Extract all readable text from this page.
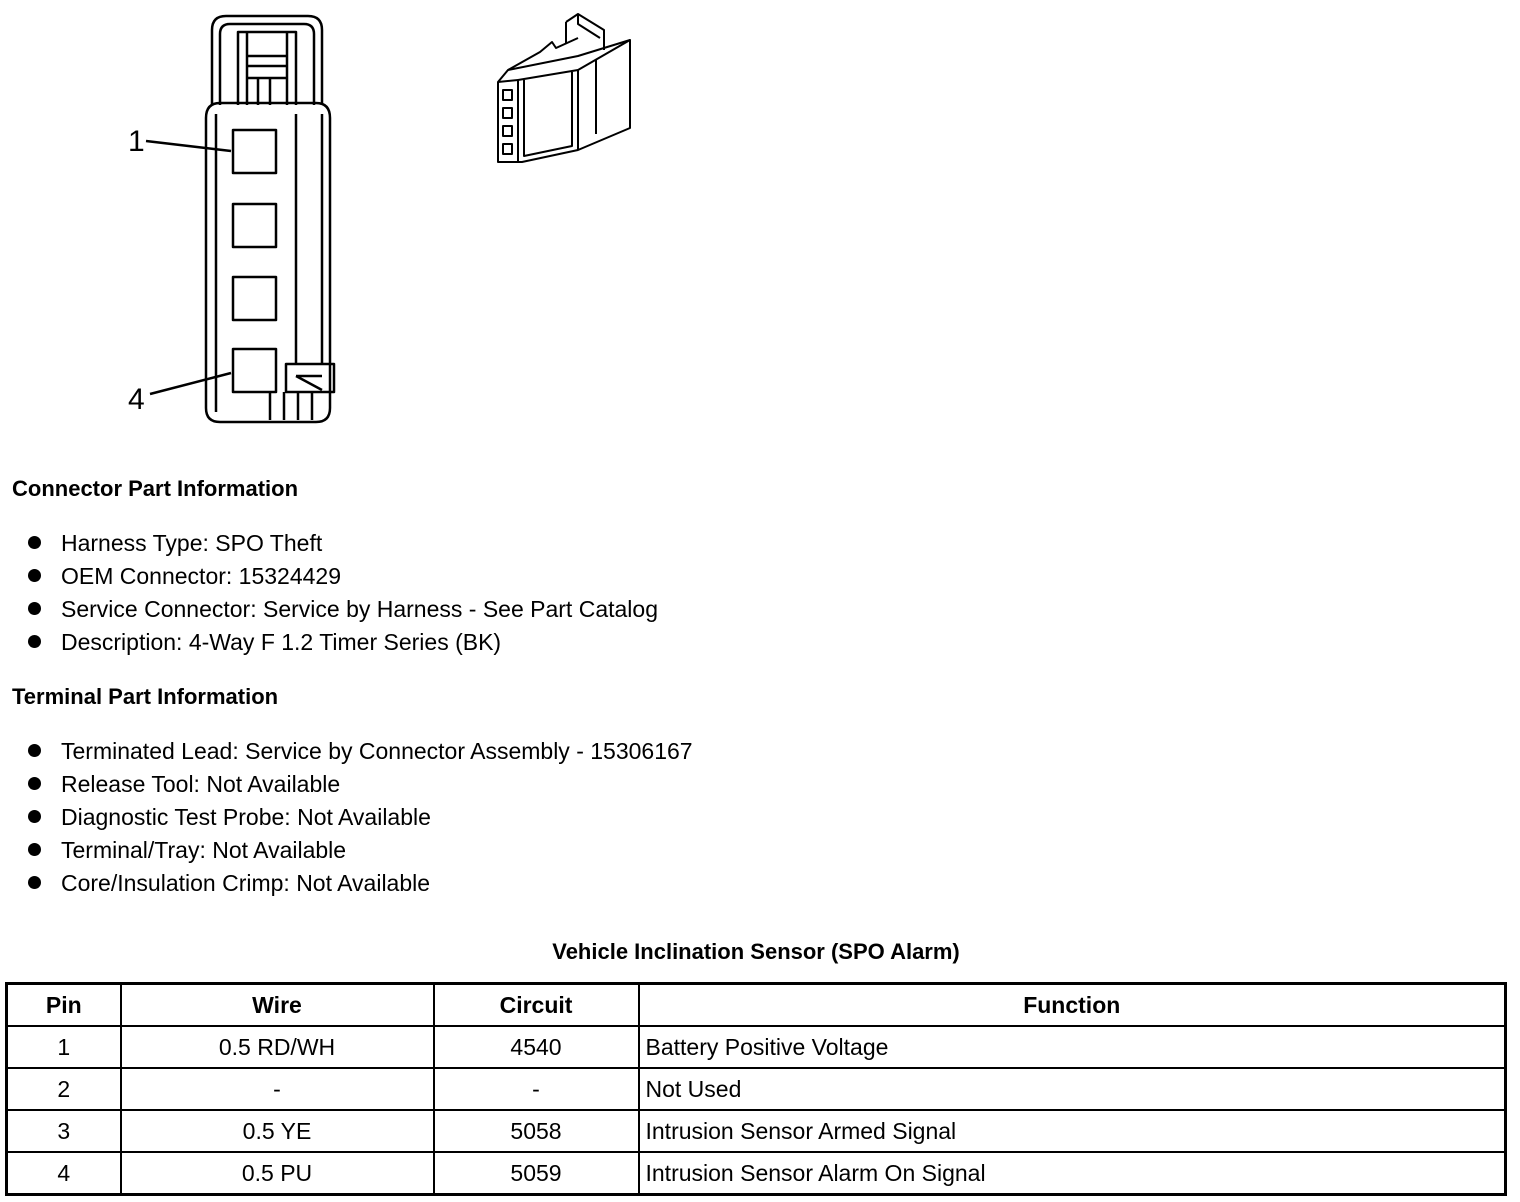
1
4
Connector Part Information
Harness Type: SPO Theft
OEM Connector: 15324429
Service Connector: Service by Harness - See Part Catalog
Description: 4-Way F 1.2 Timer Series (BK)
Terminal Part Information
Terminated Lead: Service by Connector Assembly - 15306167
Release Tool: Not Available
Diagnostic Test Probe: Not Available
Terminal/Tray: Not Available
Core/Insulation Crimp: Not Available
Vehicle Inclination Sensor (SPO Alarm)
Pin	Wire	Circuit	Function
1	0.5 RD/WH	4540	Battery Positive Voltage
2	-	-	Not Used
3	0.5 YE	5058	Intrusion Sensor Armed Signal
4	0.5 PU	5059	Intrusion Sensor Alarm On Signal
